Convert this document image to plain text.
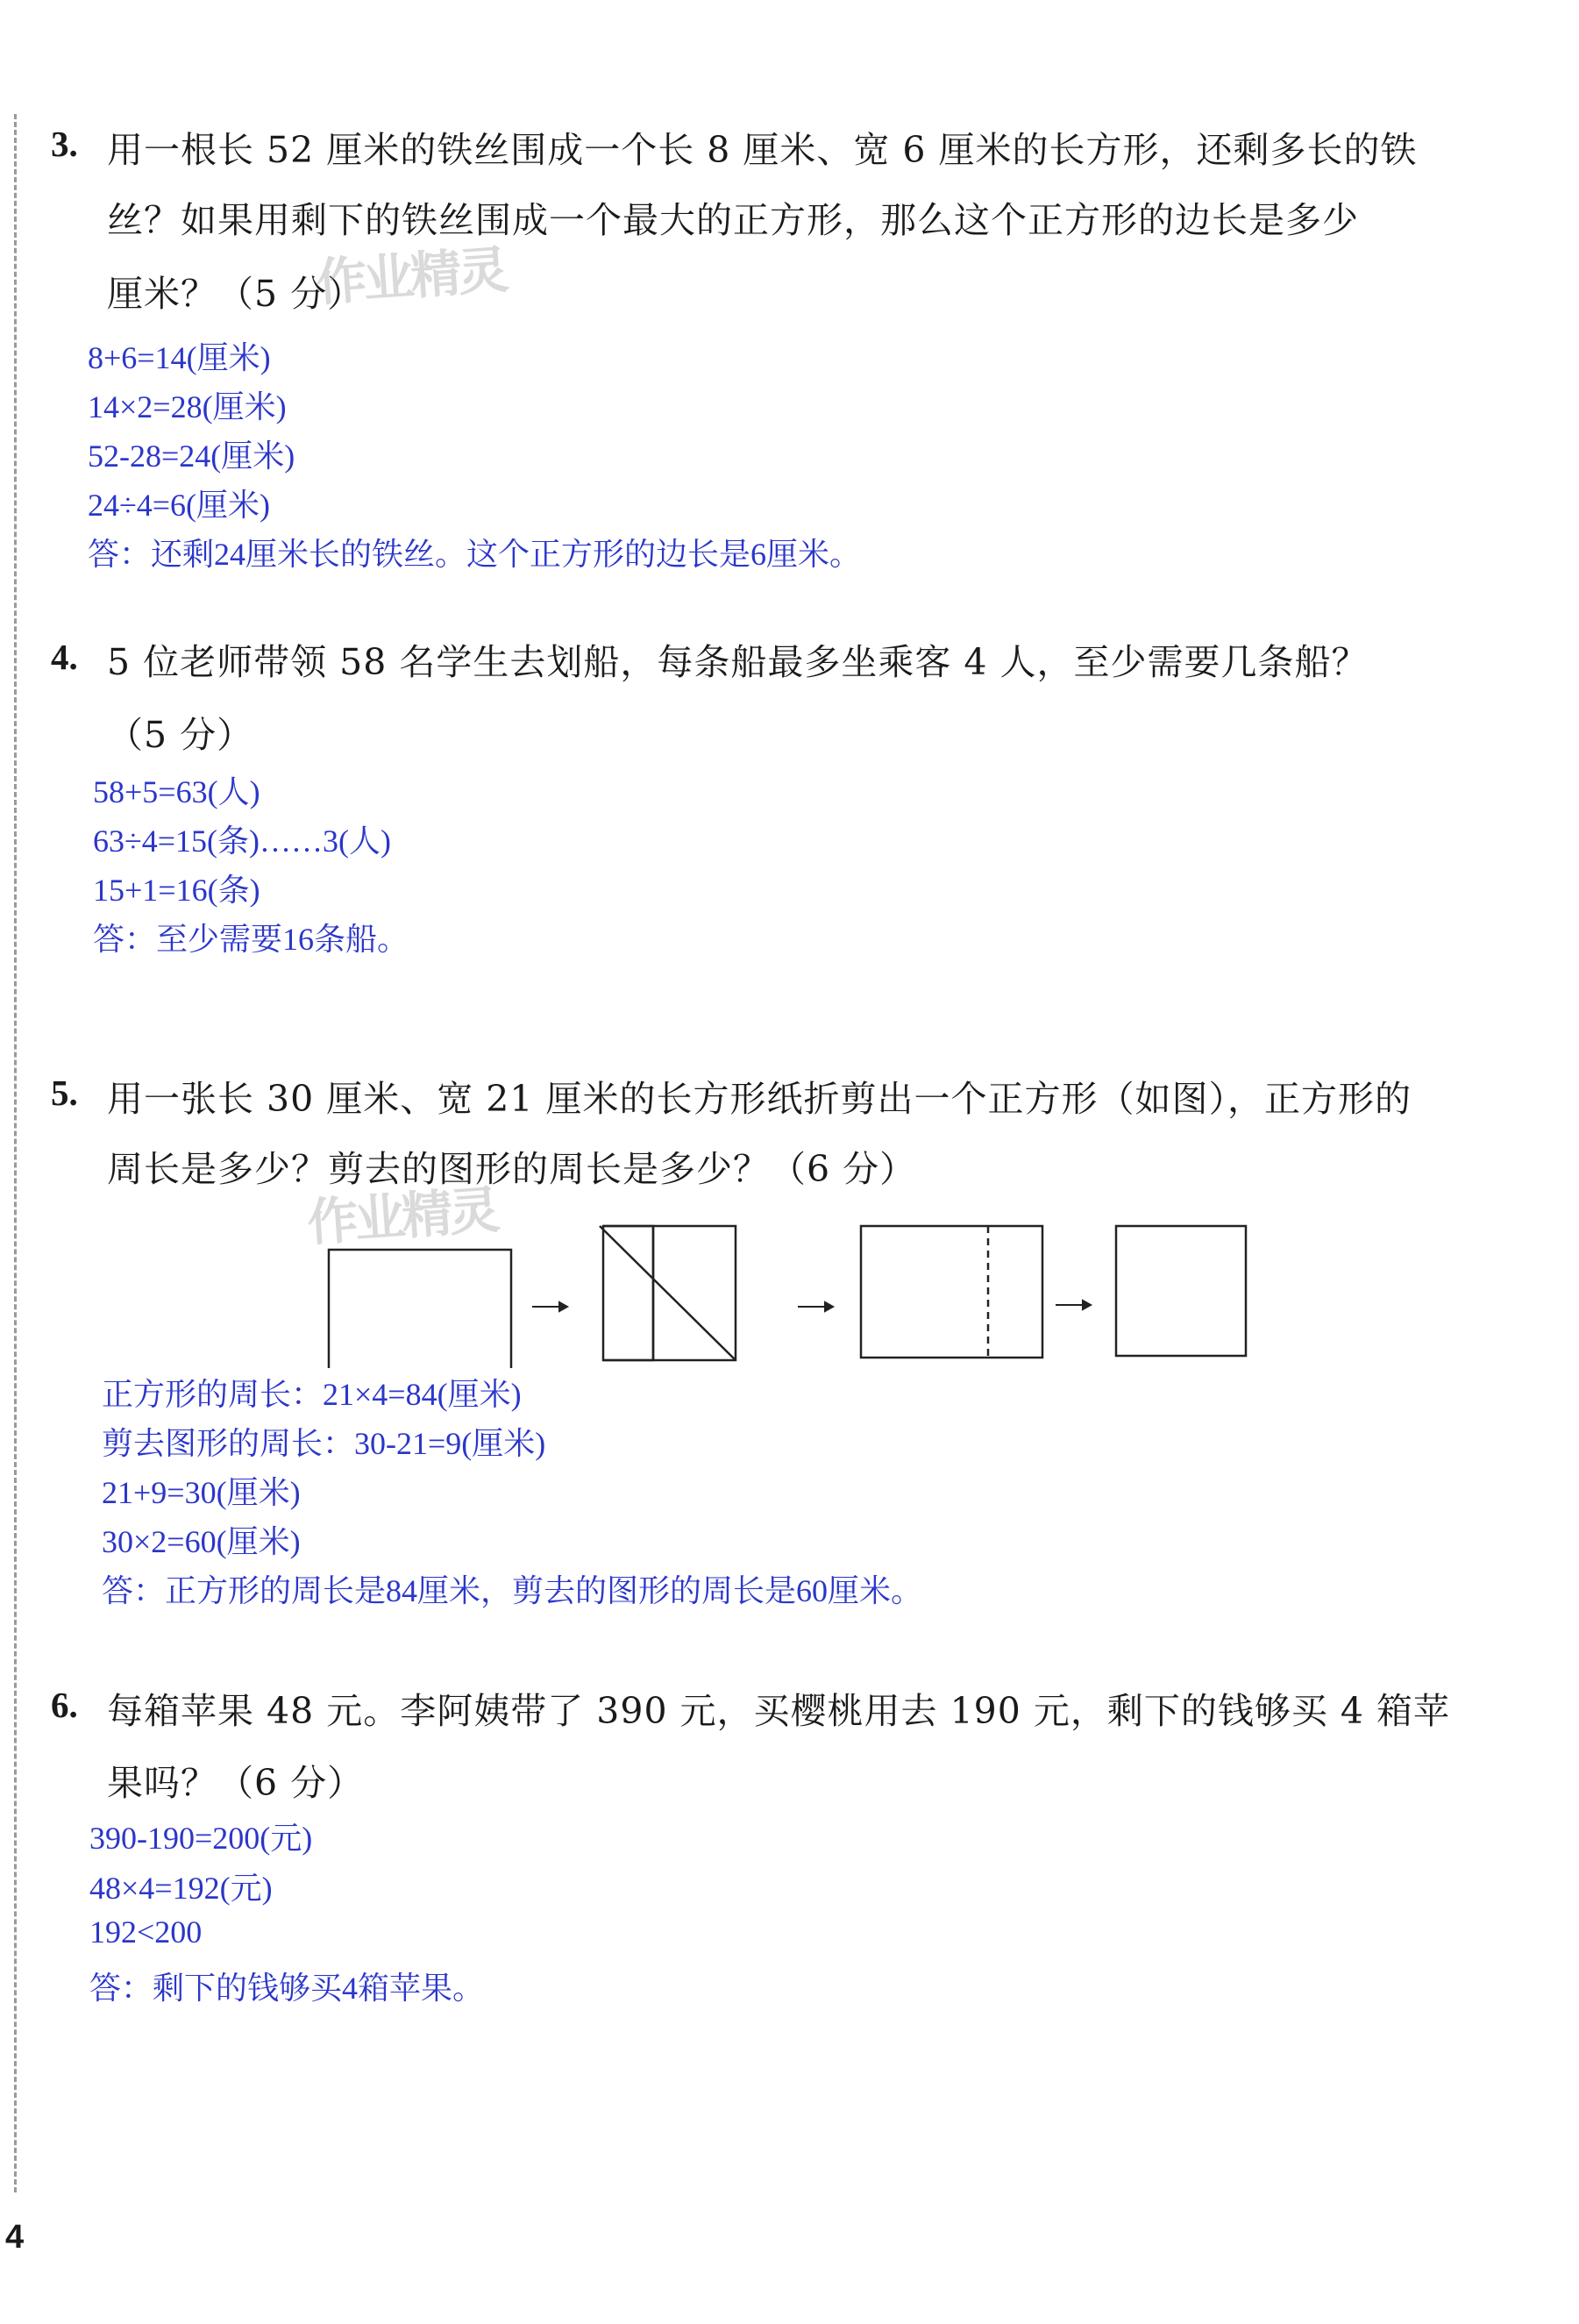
3. 用一根长 52 厘米的铁丝围成一个长 8 厘米、宽 6 厘米的长方形，还剩多长的铁
丝？如果用剩下的铁丝围成一个最大的正方形，那么这个正方形的边长是多少
厘米？（5 分）
作业精灵
8+6=14(厘米)
14×2=28(厘米)
52-28=24(厘米)
24÷4=6(厘米)
答：还剩24厘米长的铁丝。这个正方形的边长是6厘米。
4. 5 位老师带领 58 名学生去划船，每条船最多坐乘客 4 人，至少需要几条船？
（5 分）
58+5=63(人)
63÷4=15(条)……3(人)
15+1=16(条)
答：至少需要16条船。
5. 用一张长 30 厘米、宽 21 厘米的长方形纸折剪出一个正方形（如图），正方形的
周长是多少？剪去的图形的周长是多少？（6 分）
作业精灵
正方形的周长：21×4=84(厘米)
剪去图形的周长：30-21=9(厘米)
21+9=30(厘米)
30×2=60(厘米)
答：正方形的周长是84厘米，剪去的图形的周长是60厘米。
6. 每箱苹果 48 元。李阿姨带了 390 元，买樱桃用去 190 元，剩下的钱够买 4 箱苹
果吗？（6 分）
390-190=200(元)
48×4=192(元)
192<200
答：剩下的钱够买4箱苹果。
4
